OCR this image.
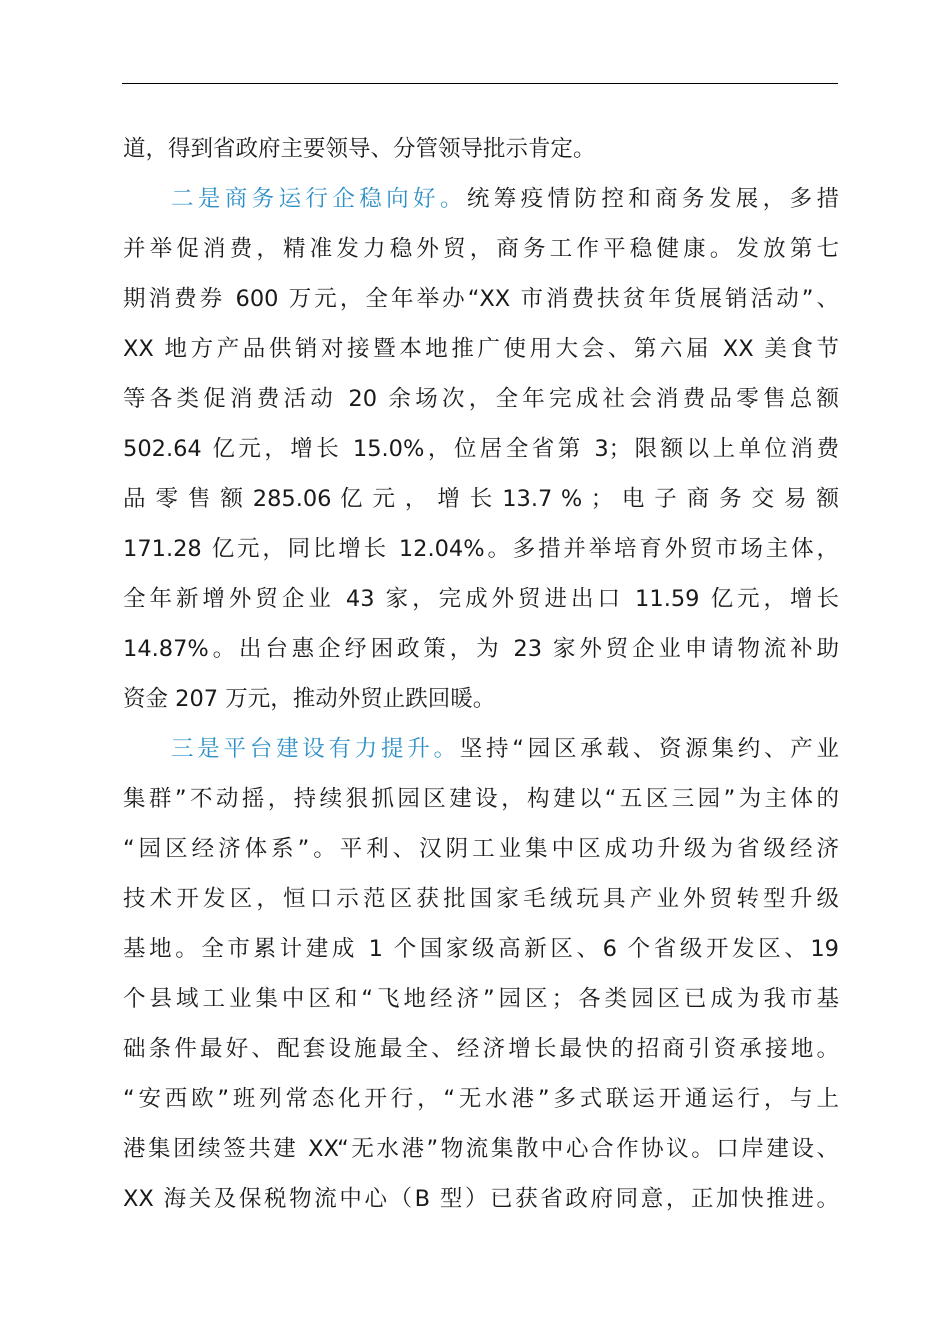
道，得到省政府主要领导、分管领导批示肯定。
二是商务运行企稳向好。统筹疫情防控和商务发展，多措
并举促消费，精准发力稳外贸，商务工作平稳健康。发放第七
期消费券 600 万元，全年举办“XX 市消费扶贫年货展销活动”、
XX 地方产品供销对接暨本地推广使用大会、第六届 XX 美食节
等各类促消费活动 20 余场次，全年完成社会消费品零售总额
502.64 亿元，增长 15.0%，位居全省第 3；限额以上单位消费
品 零 售 额 285.06 亿 元 ， 增 长 13.7 % ； 电 子 商 务 交 易 额
171.28 亿元，同比增长 12.04%。多措并举培育外贸市场主体，
全年新增外贸企业 43 家，完成外贸进出口 11.59 亿元，增长
14.87%。出台惠企纾困政策，为 23 家外贸企业申请物流补助
资金 207 万元，推动外贸止跌回暖。
三是平台建设有力提升。坚持“园区承载、资源集约、产业
集群”不动摇，持续狠抓园区建设，构建以“五区三园”为主体的
“园区经济体系”。平利、汉阴工业集中区成功升级为省级经济
技术开发区，恒口示范区获批国家毛绒玩具产业外贸转型升级
基地。全市累计建成 1 个国家级高新区、6 个省级开发区、19
个县域工业集中区和“飞地经济”园区；各类园区已成为我市基
础条件最好、配套设施最全、经济增长最快的招商引资承接地。
“安西欧”班列常态化开行，“无水港”多式联运开通运行，与上
港集团续签共建 XX“无水港”物流集散中心合作协议。口岸建设、
XX 海关及保税物流中心（B 型）已获省政府同意，正加快推进。
